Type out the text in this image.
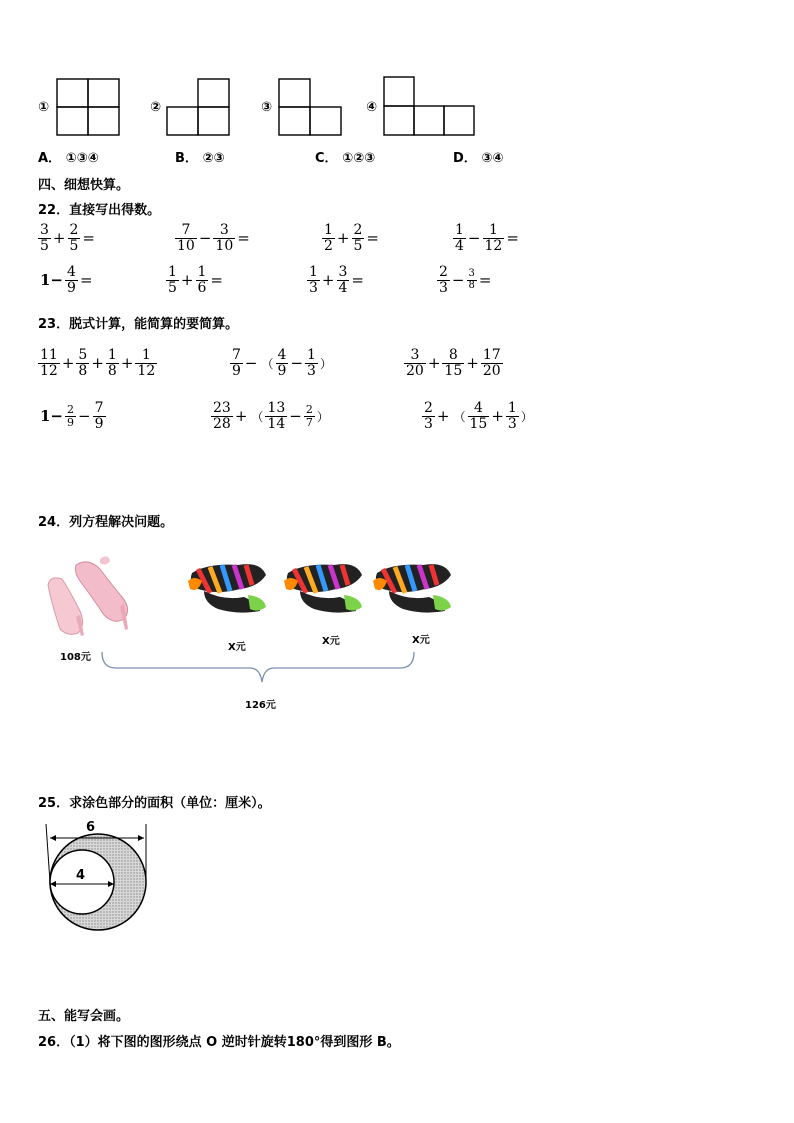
①	②	③	④
A． ①③④	B． ②③	C． ①②③	D． ③④
四、细想快算。
22．直接写出得数。
$\frac{3}{5} + \frac{2}{5}$ =	$\frac{7}{10} - \frac{3}{10}$ =	$\frac{1}{2} + \frac{2}{5}$ =	$\frac{1}{4} - \frac{1}{12}$ =
$1- \frac{4}{9}$ =	$\frac{1}{5} + \frac{1}{6}$ =	$\frac{1}{3} + \frac{3}{4}$ =	$\frac{2}{3} - \frac{3}{8}$ =
23．脱式计算，能简算的要简算。
$\frac{11}{12} + \frac{5}{8} + \frac{1}{8} + \frac{1}{12}$	$\frac{7}{9}$ − （ $\frac{4}{9} - \frac{1}{3}$ ）	$\frac{3}{20} + \frac{8}{15} + \frac{17}{20}$
$1- \frac{2}{9} - \frac{7}{9}$	$\frac{23}{28}$ + （ $\frac{13}{14} - \frac{2}{7}$ ）	$\frac{2}{3}$ + （ $\frac{4}{15} + \frac{1}{3}$ ）
24．列方程解决问题。
108元
X元
X元	X元
126元
25．求涂色部分的面积（单位：厘米）。
6
4
五、能写会画。
26．（1）将下图的图形绕点 O 逆时针旋转180°得到图形 B。
